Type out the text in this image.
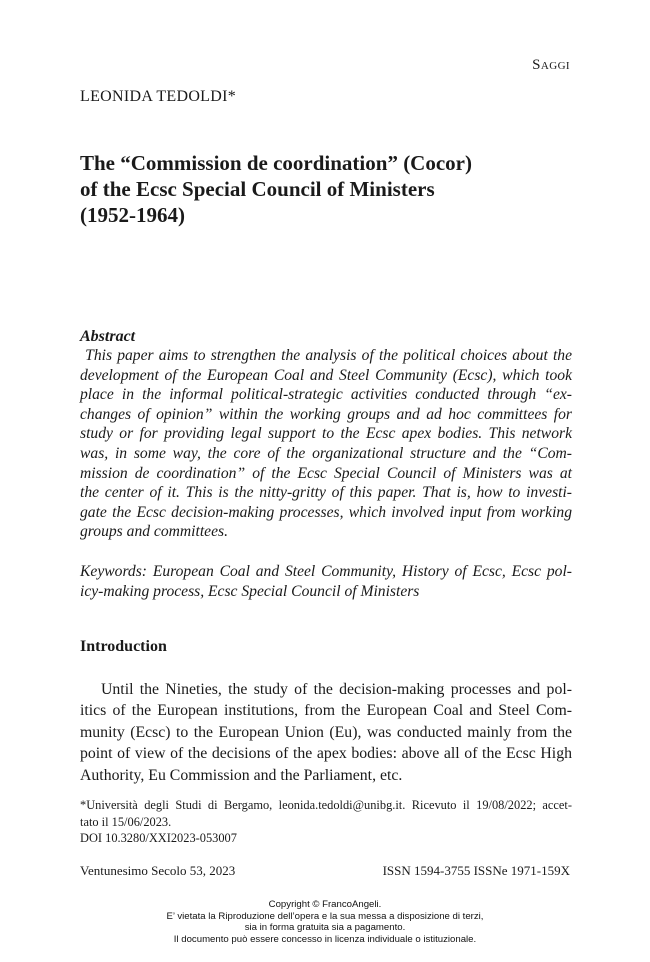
Saggi
LEONIDA TEDOLDI*
The “Commission de coordination” (Cocor)
of the Ecsc Special Council of Ministers
(1952-1964)
Abstract
This paper aims to strengthen the analysis of the political choices about the
development of the European Coal and Steel Community (Ecsc), which took
place in the informal political-strategic activities conducted through “ex-
changes of opinion” within the working groups and ad hoc committees for
study or for providing legal support to the Ecsc apex bodies. This network
was, in some way, the core of the organizational structure and the “Com-
mission de coordination” of the Ecsc Special Council of Ministers was at
the center of it. This is the nitty-gritty of this paper. That is, how to investi-
gate the Ecsc decision-making processes, which involved input from working
groups and committees.
Keywords: European Coal and Steel Community, History of Ecsc, Ecsc pol-
icy-making process, Ecsc Special Council of Ministers
Introduction
Until the Nineties, the study of the decision-making processes and pol-
itics of the European institutions, from the European Coal and Steel Com-
munity (Ecsc) to the European Union (Eu), was conducted mainly from the
point of view of the decisions of the apex bodies: above all of the Ecsc High
Authority, Eu Commission and the Parliament, etc.
*Università degli Studi di Bergamo, leonida.tedoldi@unibg.it. Ricevuto il 19/08/2022; accet-
tato il 15/06/2023.
DOI 10.3280/XXI2023-053007
Ventunesimo Secolo 53, 2023	ISSN 1594-3755 ISSNe 1971-159X
Copyright © FrancoAngeli.
E’ vietata la Riproduzione dell’opera e la sua messa a disposizione di terzi,
sia in forma gratuita sia a pagamento.
Il documento può essere concesso in licenza individuale o istituzionale.
